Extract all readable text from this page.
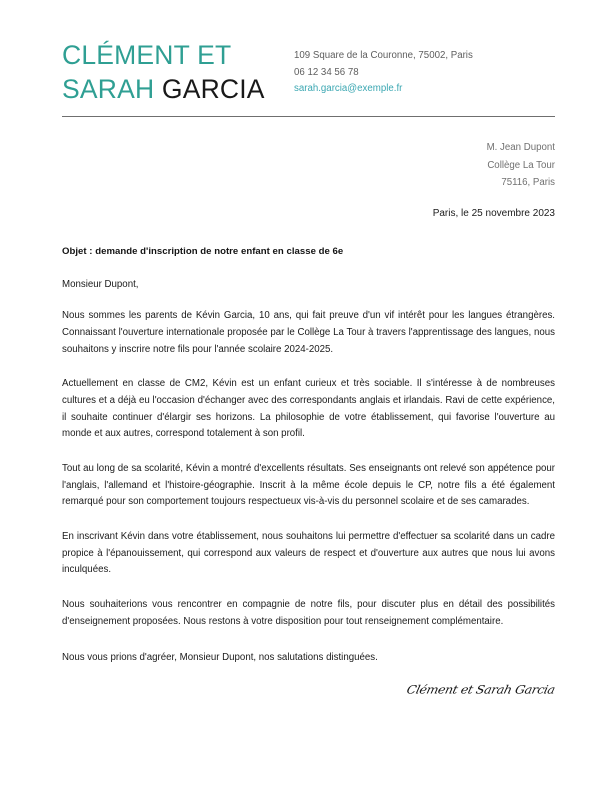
CLÉMENT ET
SARAH GARCIA
109 Square de la Couronne, 75002, Paris
06 12 34 56 78
sarah.garcia@exemple.fr
M. Jean Dupont
Collège La Tour
75116, Paris
Paris, le 25 novembre 2023
Objet : demande d'inscription de notre enfant en classe de 6e
Monsieur Dupont,

Nous sommes les parents de Kévin Garcia, 10 ans, qui fait preuve d'un vif intérêt pour les langues étrangères. Connaissant l'ouverture internationale proposée par le Collège La Tour à travers l'apprentissage des langues, nous souhaitons y inscrire notre fils pour l'année scolaire 2024-2025.

Actuellement en classe de CM2, Kévin est un enfant curieux et très sociable. Il s'intéresse à de nombreuses cultures et a déjà eu l'occasion d'échanger avec des correspondants anglais et irlandais. Ravi de cette expérience, il souhaite continuer d'élargir ses horizons. La philosophie de votre établissement, qui favorise l'ouverture au monde et aux autres, correspond totalement à son profil.

Tout au long de sa scolarité, Kévin a montré d'excellents résultats. Ses enseignants ont relevé son appétence pour l'anglais, l'allemand et l'histoire-géographie. Inscrit à la même école depuis le CP, notre fils a été également remarqué pour son comportement toujours respectueux vis-à-vis du personnel scolaire et de ses camarades.

En inscrivant Kévin dans votre établissement, nous souhaitons lui permettre d'effectuer sa scolarité dans un cadre propice à l'épanouissement, qui correspond aux valeurs de respect et d'ouverture aux autres que nous lui avons inculquées.

Nous souhaiterions vous rencontrer en compagnie de notre fils, pour discuter plus en détail des possibilités d'enseignement proposées. Nous restons à votre disposition pour tout renseignement complémentaire.

Nous vous prions d'agréer, Monsieur Dupont, nos salutations distinguées.
Clément et Sarah Garcia
